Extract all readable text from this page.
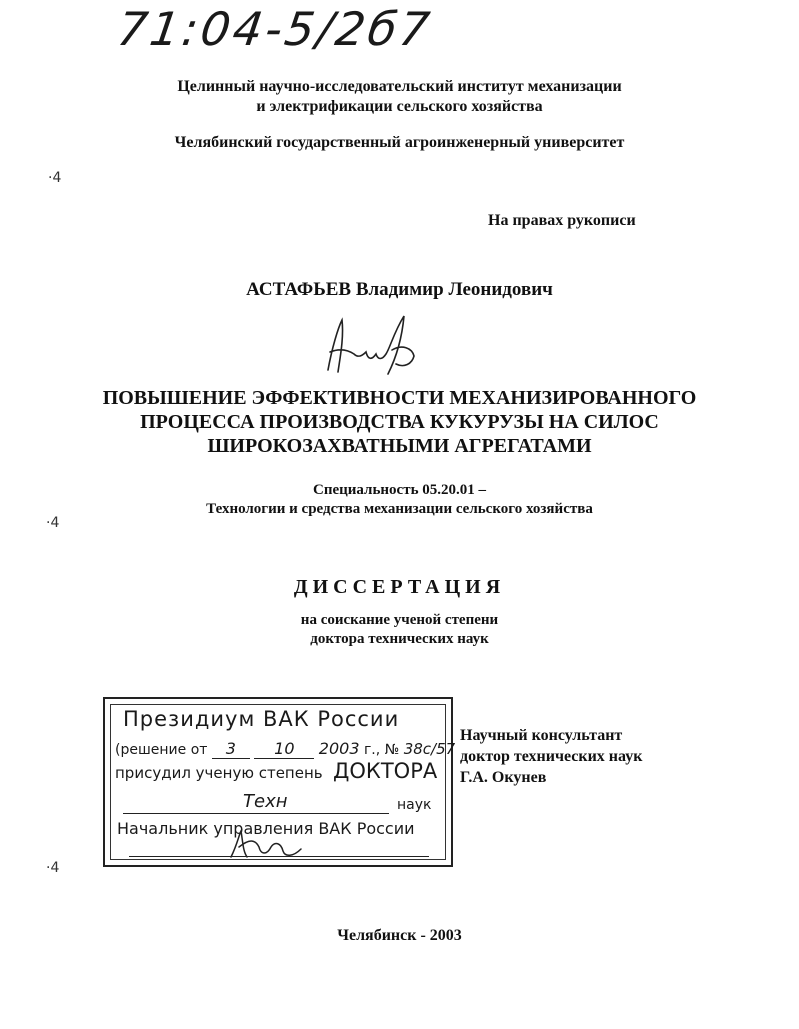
71:04-5/2б7
Целинный научно-исследовательский институт механизации
и электрификации сельского хозяйства
Челябинский государственный агроинженерный университет
·4
·4
·4
На правах рукописи
АСТАФЬЕВ Владимир Леонидович
ПОВЫШЕНИЕ ЭФФЕКТИВНОСТИ МЕХАНИЗИРОВАННОГО
ПРОЦЕССА ПРОИЗВОДСТВА КУКУРУЗЫ НА СИЛОС
ШИРОКОЗАХВАТНЫМИ АГРЕГАТАМИ
Специальность 05.20.01 –
Технологии и средства механизации сельского хозяйства
ДИССЕРТАЦИЯ
на соискание ученой степени
доктора технических наук
Президиум ВАК России
(решение от 3 10 2003 г., № 38с/57
присудил ученую степень ДОКТОРА
Техн	наук
Начальник управления ВАК России
Научный консультант
доктор технических наук
Г.А. Окунев
Челябинск - 2003
